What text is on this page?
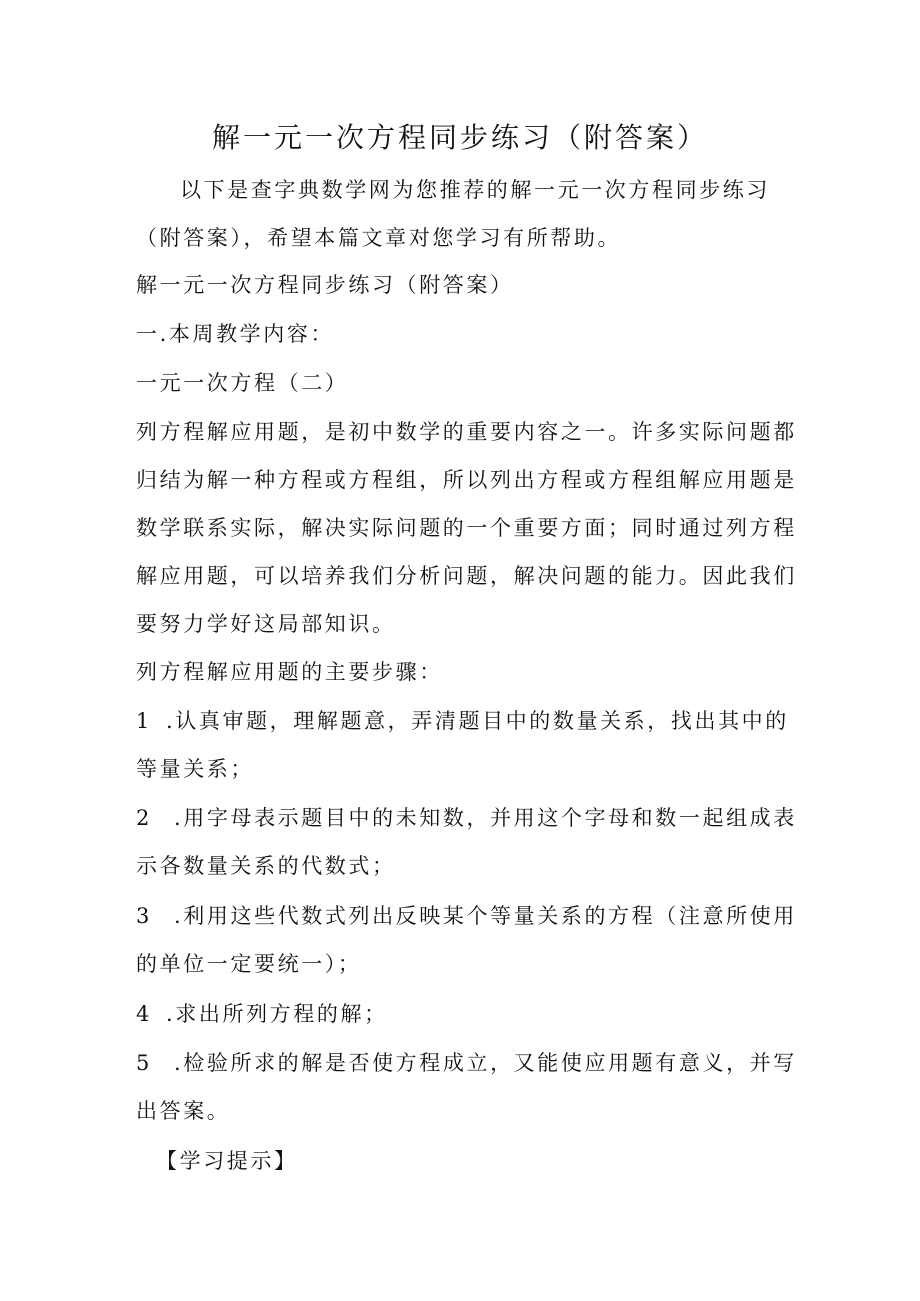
解一元一次方程同步练习（附答案）
以下是查字典数学网为您推荐的解一元一次方程同步练习
（附答案），希望本篇文章对您学习有所帮助。
解一元一次方程同步练习（附答案）
一.本周教学内容：
一元一次方程（二）
列方程解应用题，是初中数学的重要内容之一。许多实际问题都
归结为解一种方程或方程组，所以列出方程或方程组解应用题是
数学联系实际，解决实际问题的一个重要方面；同时通过列方程
解应用题，可以培养我们分析问题，解决问题的能力。因此我们
要努力学好这局部知识。
列方程解应用题的主要步骤：
1 .认真审题，理解题意，弄清题目中的数量关系，找出其中的
等量关系；
2 .用字母表示题目中的未知数，并用这个字母和数一起组成表
示各数量关系的代数式；
3 .利用这些代数式列出反映某个等量关系的方程（注意所使用
的单位一定要统一）；
4 .求出所列方程的解；
5 .检验所求的解是否使方程成立，又能使应用题有意义，并写
出答案。
【学习提示】
